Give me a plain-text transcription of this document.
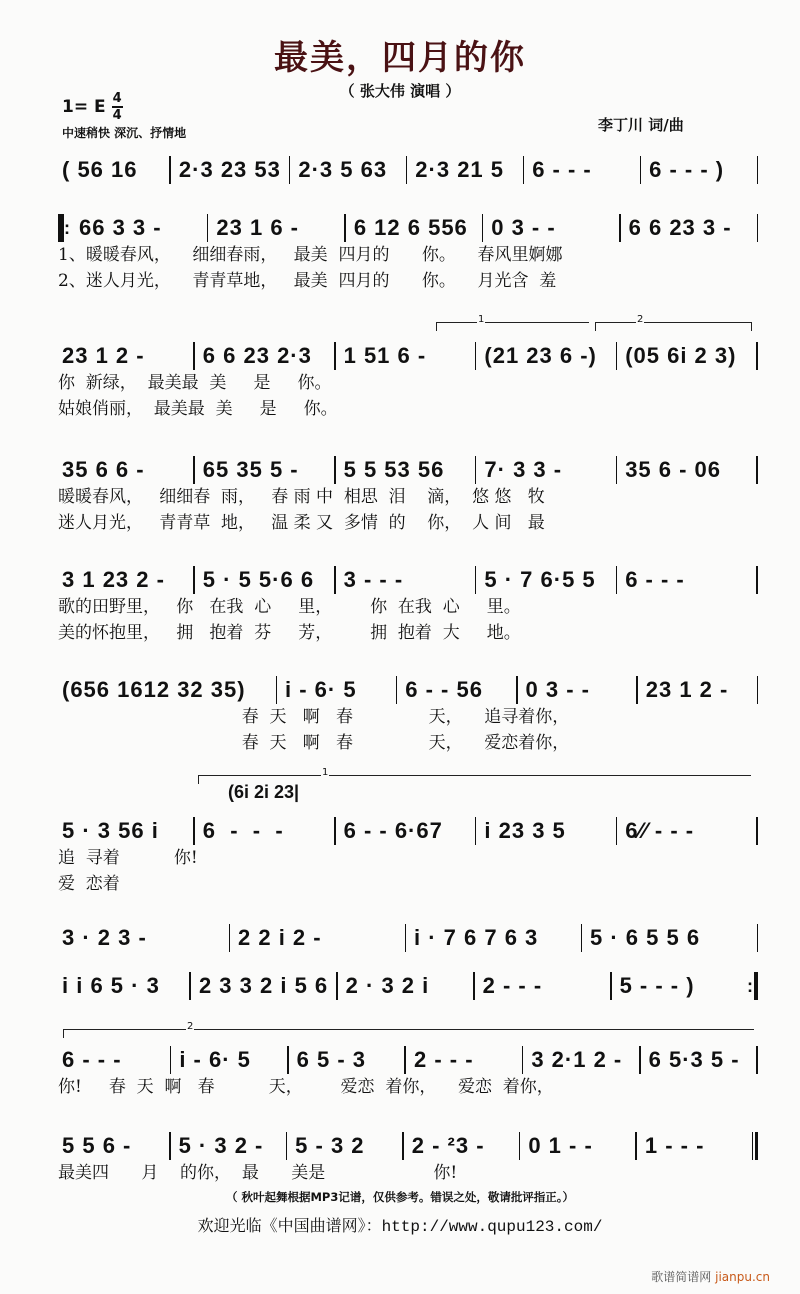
最美，四月的你
（ 张大伟 演唱 ）
1= E 4
4
中速稍快 深沉、抒情地	李丁川 词/曲
( 56 16	2·3 23 53 2·3 5 63	2·3 21 5	6 - - -	6 - - - )
: 66 3 3 -	23 1 6 -	6 12 6 556	0 3 - -	6 6 23 3 -
1、暖暖春风，    细细春雨，   最美  四月的      你。    春风里婀娜
2、迷人月光，    青青草地，   最美  四月的      你。    月光含  羞
1	2
23 1 2 -	6 6 23 2·3	1 51 6 -	(21 23 6 -)	(05 6i 2 3)
你  新绿，  最美最  美     是     你。
姑娘俏丽，  最美最  美     是     你。
35 6 6 -	65 35 5 -	5 5 53 56	7· 3 3 -	35 6 - 06
暖暖春风，   细细春  雨，   春 雨 中  相思  泪    滴，  悠 悠   牧
迷人月光，   青青草  地，   温 柔 又  多情  的    你，  人 间   最
3 1 23 2 -	5 · 5 5·6 6	3 - - -	5 · 7 6·5 5	6 - - -
歌的田野里，   你   在我  心     里，       你  在我  心     里。
美的怀抱里，   拥   抱着  芬     芳，       拥  抱着  大     地。
(656 1612 32 35)	i - 6· 5	6 - - 56	0 3 - -	23 1 2 -
春  天   啊   春              天，    追寻着你，
春  天   啊   春              天，    爱恋着你，
1
(6i 2i 23|
5 · 3 56 i	6  -  -  -	6 - - 6·67	i 23 3 5	6⁄⁄ - - -
追  寻着          你!
爱  恋着
3 · 2 3 -	2 2 i 2 -	i · 7 6 7 6 3	5 · 6 5 5 6
i i 6 5 · 3	2 3 3 2 i 5 6 2 · 3 2 i	2 - - -	5 - - - )	:
2
6 - - -	i - 6· 5	6 5 - 3	2 - - -	3 2·1 2 -	6 5·3 5 -
你!     春  天  啊   春          天，       爱恋  着你，    爱恋  着你，
5 5 6 -	5 · 3 2 -	5 - 3 2	2 - ²3 -	0 1 - -	1 - - -
最美四      月    的你，  最      美是                    你!
（ 秋叶起舞根据MP3记谱，仅供参考。错误之处，敬请批评指正。）
欢迎光临《中国曲谱网》：http://www.qupu123.com/
歌谱简谱网 jianpu.cn
